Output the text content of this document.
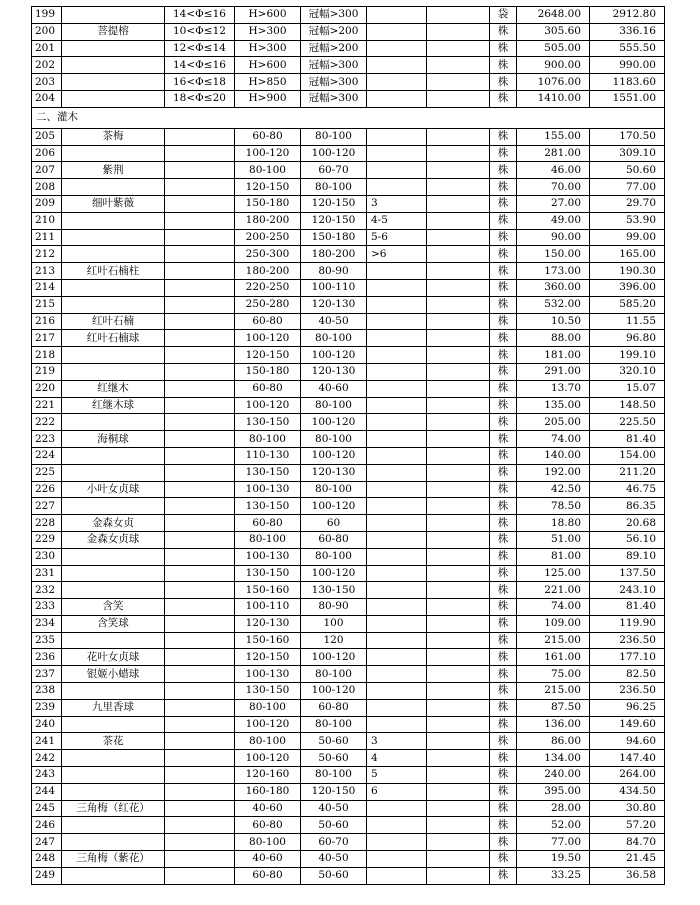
199		14<Φ≤16	H>600	冠幅>300			袋	2648.00	2912.80
200	菩提榕	10<Φ≤12	H>300	冠幅>200			株	305.60	336.16
201		12<Φ≤14	H>300	冠幅>200			株	505.00	555.50
202		14<Φ≤16	H>600	冠幅>300			株	900.00	990.00
203		16<Φ≤18	H>850	冠幅>300			株	1076.00	1183.60
204		18<Φ≤20	H>900	冠幅>300			株	1410.00	1551.00
二、灌木									
205	茶梅		60-80	80-100			株	155.00	170.50
206			100-120	100-120			株	281.00	309.10
207	紫荆		80-100	60-70			株	46.00	50.60
208			120-150	80-100			株	70.00	77.00
209	细叶紫薇		150-180	120-150	3		株	27.00	29.70
210			180-200	120-150	4-5		株	49.00	53.90
211			200-250	150-180	5-6		株	90.00	99.00
212			250-300	180-200	>6		株	150.00	165.00
213	红叶石楠柱		180-200	80-90			株	173.00	190.30
214			220-250	100-110			株	360.00	396.00
215			250-280	120-130			株	532.00	585.20
216	红叶石楠		60-80	40-50			株	10.50	11.55
217	红叶石楠球		100-120	80-100			株	88.00	96.80
218			120-150	100-120			株	181.00	199.10
219			150-180	120-130			株	291.00	320.10
220	红继木		60-80	40-60			株	13.70	15.07
221	红继木球		100-120	80-100			株	135.00	148.50
222			130-150	100-120			株	205.00	225.50
223	海桐球		80-100	80-100			株	74.00	81.40
224			110-130	100-120			株	140.00	154.00
225			130-150	120-130			株	192.00	211.20
226	小叶女贞球		100-130	80-100			株	42.50	46.75
227			130-150	100-120			株	78.50	86.35
228	金森女贞		60-80	60			株	18.80	20.68
229	金森女贞球		80-100	60-80			株	51.00	56.10
230			100-130	80-100			株	81.00	89.10
231			130-150	100-120			株	125.00	137.50
232			150-160	130-150			株	221.00	243.10
233	含笑		100-110	80-90			株	74.00	81.40
234	含笑球		120-130	100			株	109.00	119.90
235			150-160	120			株	215.00	236.50
236	花叶女贞球		120-150	100-120			株	161.00	177.10
237	银姬小蜡球		100-130	80-100			株	75.00	82.50
238			130-150	100-120			株	215.00	236.50
239	九里香球		80-100	60-80			株	87.50	96.25
240			100-120	80-100			株	136.00	149.60
241	茶花		80-100	50-60	3		株	86.00	94.60
242			100-120	50-60	4		株	134.00	147.40
243			120-160	80-100	5		株	240.00	264.00
244			160-180	120-150	6		株	395.00	434.50
245	三角梅（红花）		40-60	40-50			株	28.00	30.80
246			60-80	50-60			株	52.00	57.20
247			80-100	60-70			株	77.00	84.70
248	三角梅（紫花）		40-60	40-50			株	19.50	21.45
249			60-80	50-60			株	33.25	36.58
